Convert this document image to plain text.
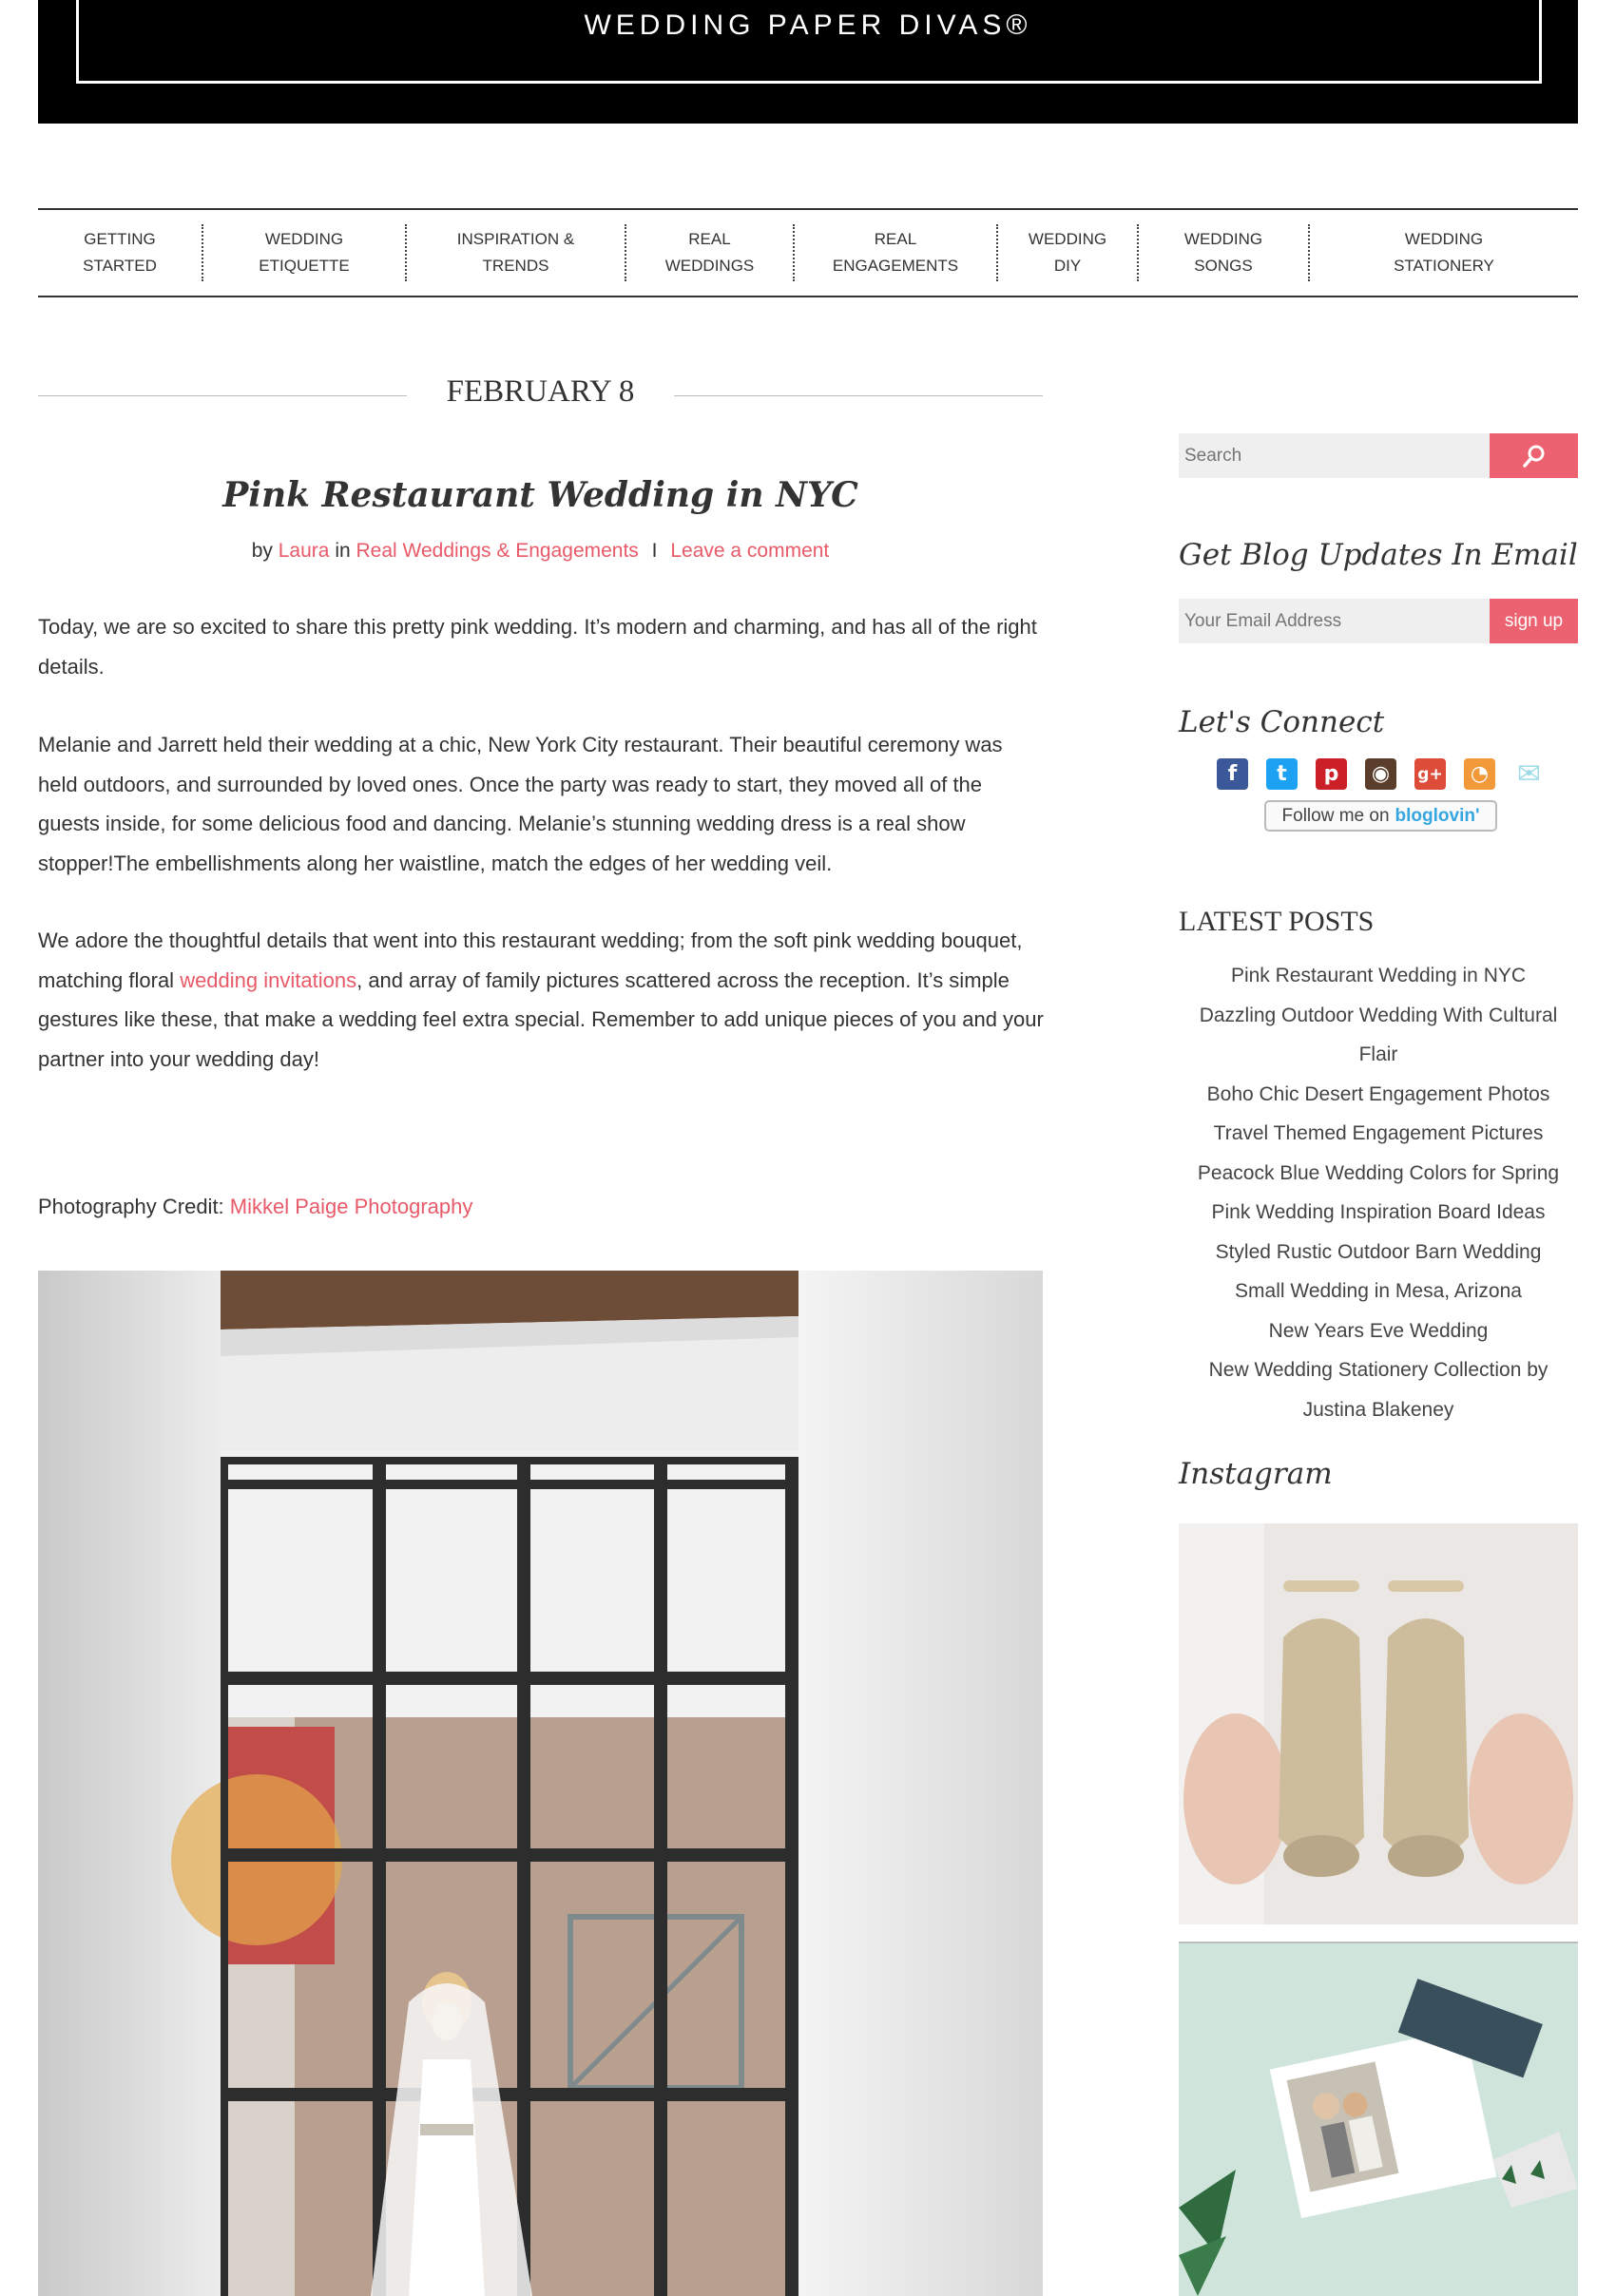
WEDDING PAPER DIVAS®
GETTING
STARTED
WEDDING
ETIQUETTE
INSPIRATION &
TRENDS
REAL
WEDDINGS
REAL
ENGAGEMENTS
WEDDING
DIY
WEDDING
SONGS
WEDDING
STATIONERY
FEBRUARY 8
Pink Restaurant Wedding in NYC
by Laura in Real Weddings & Engagements I Leave a comment

Today, we are so excited to share this pretty pink wedding. It’s modern and charming, and has all of the right details.

Melanie and Jarrett held their wedding at a chic, New York City restaurant. Their beautiful ceremony was held outdoors, and surrounded by loved ones. Once the party was ready to start, they moved all of the guests inside, for some delicious food and dancing. Melanie’s stunning wedding dress is a real show stopper!The embellishments along her waistline, match the edges of her wedding veil.

We adore the thoughtful details that went into this restaurant wedding; from the soft pink wedding bouquet, matching floral wedding invitations, and array of family pictures scattered across the reception. It’s simple gestures like these, that make a wedding feel extra special. Remember to add unique pieces of you and your partner into your wedding day!

Photography Credit: Mikkel Paige Photography
Search
Get Blog Updates In Email
Your Email Address
sign up
Let's Connect
f	t	p	◉	g+	◔ ✉
Follow me on bloglovin'
LATEST POSTS
Pink Restaurant Wedding in NYC
Dazzling Outdoor Wedding With Cultural Flair
Boho Chic Desert Engagement Photos
Travel Themed Engagement Pictures
Peacock Blue Wedding Colors for Spring
Pink Wedding Inspiration Board Ideas
Styled Rustic Outdoor Barn Wedding
Small Wedding in Mesa, Arizona
New Years Eve Wedding
New Wedding Stationery Collection by Justina Blakeney
Instagram
